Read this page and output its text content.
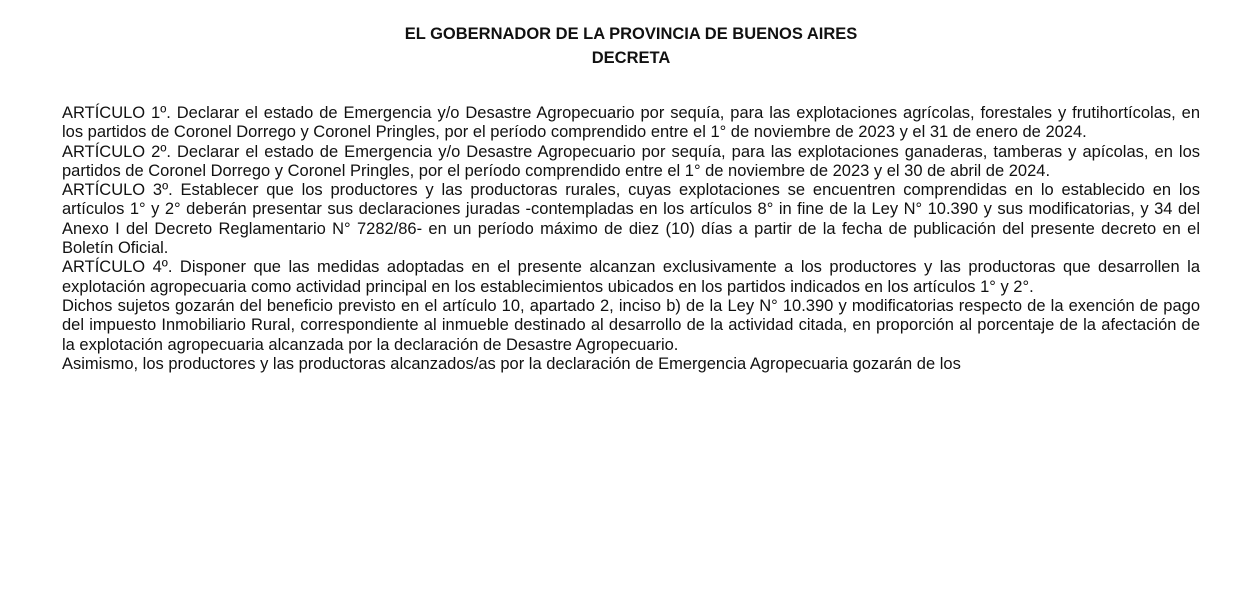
EL GOBERNADOR DE LA PROVINCIA DE BUENOS AIRES

DECRETA

ARTÍCULO 1º. Declarar el estado de Emergencia y/o Desastre Agropecuario por sequía, para las explotaciones agrícolas, forestales y frutihortícolas, en los partidos de Coronel Dorrego y Coronel Pringles, por el período comprendido entre el 1° de noviembre de 2023 y el 31 de enero de 2024.

ARTÍCULO 2º. Declarar el estado de Emergencia y/o Desastre Agropecuario por sequía, para las explotaciones ganaderas, tamberas y apícolas, en los partidos de Coronel Dorrego y Coronel Pringles, por el período comprendido entre el 1° de noviembre de 2023 y el 30 de abril de 2024.

ARTÍCULO 3º. Establecer que los productores y las productoras rurales, cuyas explotaciones se encuentren comprendidas en lo establecido en los artículos 1° y 2° deberán presentar sus declaraciones juradas -contempladas en los artículos 8° in fine de la Ley N° 10.390 y sus modificatorias, y 34 del Anexo I del Decreto Reglamentario N° 7282/86- en un período máximo de diez (10) días a partir de la fecha de publicación del presente decreto en el Boletín Oficial.

ARTÍCULO 4º. Disponer que las medidas adoptadas en el presente alcanzan exclusivamente a los productores y las productoras que desarrollen la explotación agropecuaria como actividad principal en los establecimientos ubicados en los partidos indicados en los artículos 1° y 2°.

Dichos sujetos gozarán del beneficio previsto en el artículo 10, apartado 2, inciso b) de la Ley N° 10.390 y modificatorias respecto de la exención de pago del impuesto Inmobiliario Rural, correspondiente al inmueble destinado al desarrollo de la actividad citada, en proporción al porcentaje de la afectación de la explotación agropecuaria alcanzada por la declaración de Desastre Agropecuario.

Asimismo, los productores y las productoras alcanzados/as por la declaración de Emergencia Agropecuaria gozarán de los
